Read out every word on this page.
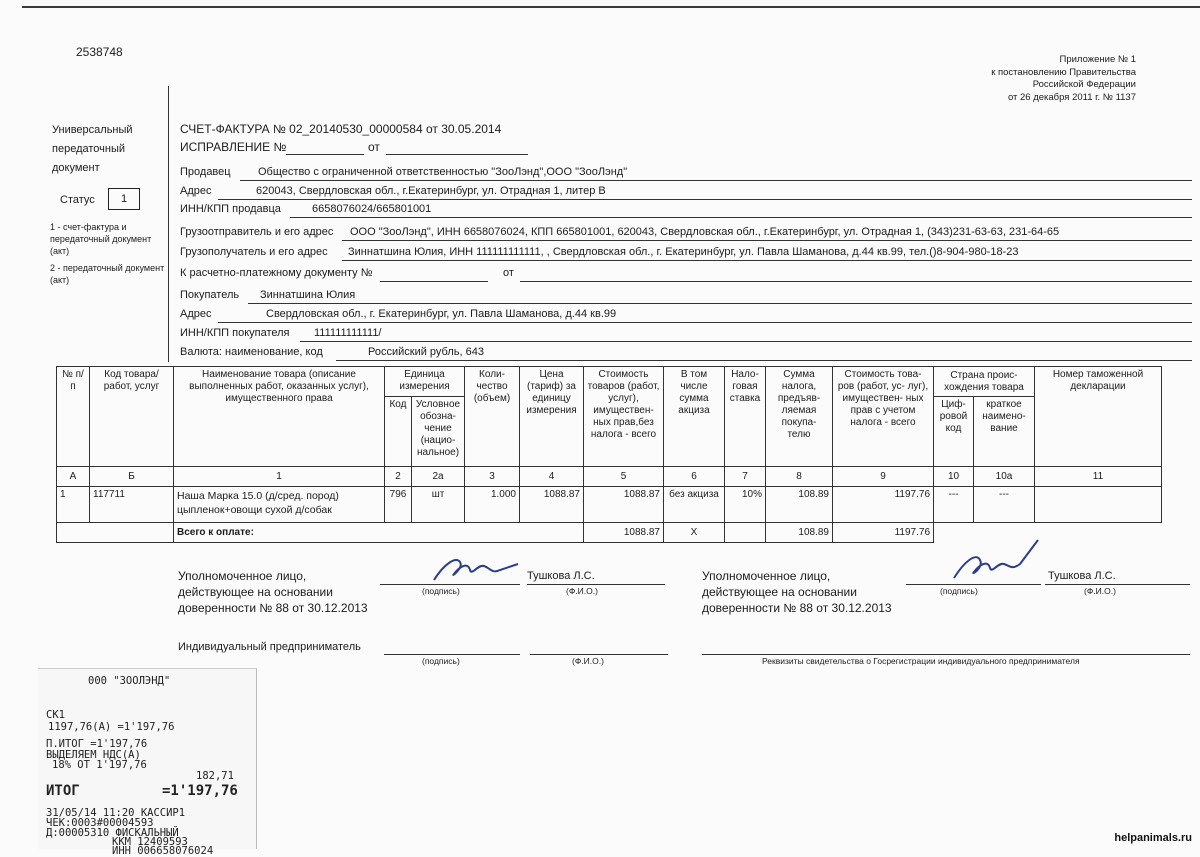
2538748
Приложение № 1
к постановлению Правительства
Российской Федерации
от 26 декабря 2011 г. № 1137
Универсальный передаточный документ
Статус	1
1 - счет-фактура и передаточный документ (акт)
2 - передаточный документ (акт)
СЧЕТ-ФАКТУРА № 02_20140530_00000584 от 30.05.2014
ИСПРАВЛЕНИЕ №	от
Продавец Общество с ограниченной ответственностью "ЗооЛэнд",ООО "ЗооЛэнд"
Адрес	620043, Свердловская обл., г.Екатеринбург, ул. Отрадная 1, литер В
ИНН/КПП продавца	6658076024/665801001
Грузоотправитель и его адрес ООО "ЗооЛэнд", ИНН 6658076024, КПП 665801001, 620043, Свердловская обл., г.Екатеринбург, ул. Отрадная 1, (343)231-63-63, 231-64-65
Грузополучатель и его адрес Зиннатшина Юлия, ИНН 111111111111, , Свердловская обл., г. Екатеринбург, ул. Павла Шаманова, д.44 кв.99, тел.()8-904-980-18-23
К расчетно-платежному документу №	от
Покупатель Зиннатшина Юлия
Адрес	Свердловская обл., г. Екатеринбург, ул. Павла Шаманова, д.44 кв.99
ИНН/КПП покупателя 111111111111/
Валюта: наименование, код	Российский рубль, 643
№ п/п	Код товара/ работ, услуг	Наименование товара (описание выполненных работ, оказанных услуг), имущественного права	Единица измерения		Коли- чество (объем)	Цена (тариф) за единицу измерения	Стоимость товаров (работ, услуг), имуществен- ных прав,без налога - всего	В том числе сумма акциза	Нало- говая ставка	Сумма налога, предъяв- ляемая покупа- телю	Стоимость това- ров (работ, ус- луг), имуществен- ных прав с учетом налога - всего	Страна проис- хождения товара		Номер таможенной декларации
			Код	Условное обозна- чение (нацио- нальное)								Циф- ровой код	краткое наимено- вание	
А	Б	1	2	2а	3	4	5	6	7	8	9	10	10а	11
1	117711	Наша Марка 15.0 (д/сред. пород) цыпленок+овощи сухой д/собак	796	шт	1.000	1088.87	1088.87	без акциза	10%	108.89	1197.76	---	---	
		Всего к оплате:					1088.87	X		108.89	1197.76			
Уполномоченное лицо, действующее на основании доверенности № 88 от 30.12.2013
(подпись)
Тушкова Л.С.
(Ф.И.О.)
Уполномоченное лицо, действующее на основании доверенности № 88 от 30.12.2013
(подпись)
Тушкова Л.С.
(Ф.И.О.)
Индивидуальный предприниматель
(подпись)	(Ф.И.О.)	Реквизиты свидетельства о Госрегистрации индивидуального предпринимателя
000 "ЗООЛЭНД"
СК1
1197,76(А) =1'197,76
П.ИТОГ =1'197,76
ВЫДЕЛЯЕМ НДС(А)
18% ОТ 1'197,76
182,71
ИТОГ	=1'197,76
31/05/14 11:20 КАССИР1
ЧЕК:0003#00004593
Д:00005310 ФИСКАЛЬНЫЙ
ККМ 12409593
ИНН 006658076024
helpanimals.ru
